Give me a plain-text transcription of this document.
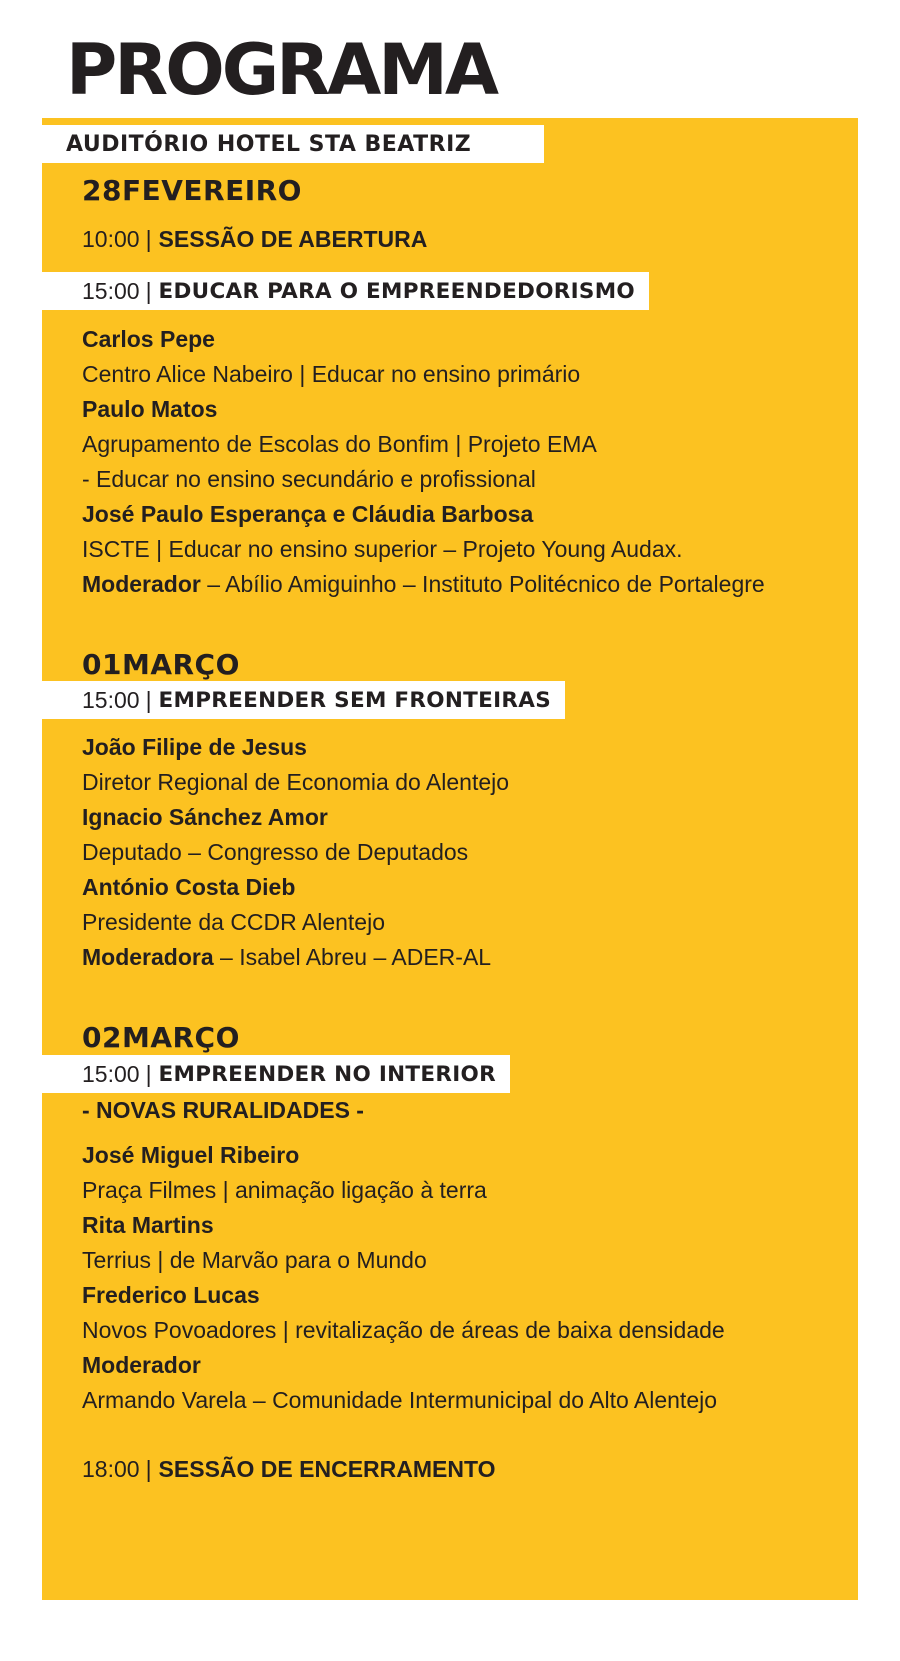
PROGRAMA
AUDITÓRIO HOTEL STA BEATRIZ

28FEVEREIRO

10:00 | SESSÃO DE ABERTURA

15:00 | EDUCAR PARA O EMPREENDEDORISMO

Carlos Pepe

Centro Alice Nabeiro | Educar no ensino primário

Paulo Matos

Agrupamento de Escolas do Bonfim | Projeto EMA

- Educar no ensino secundário e profissional

José Paulo Esperança e Cláudia Barbosa

ISCTE | Educar no ensino superior – Projeto Young Audax.

Moderador – Abílio Amiguinho – Instituto Politécnico de Portalegre

01MARÇO

15:00 | EMPREENDER SEM FRONTEIRAS

João Filipe de Jesus

Diretor Regional de Economia do Alentejo

Ignacio Sánchez Amor

Deputado – Congresso de Deputados

António Costa Dieb

Presidente da CCDR Alentejo

Moderadora – Isabel Abreu – ADER-AL

02MARÇO

15:00 | EMPREENDER NO INTERIOR

- NOVAS RURALIDADES -

José Miguel Ribeiro

Praça Filmes | animação ligação à terra

Rita Martins

Terrius | de Marvão para o Mundo

Frederico Lucas

Novos Povoadores | revitalização de áreas de baixa densidade

Moderador

Armando Varela – Comunidade Intermunicipal do Alto Alentejo

18:00 | SESSÃO DE ENCERRAMENTO
